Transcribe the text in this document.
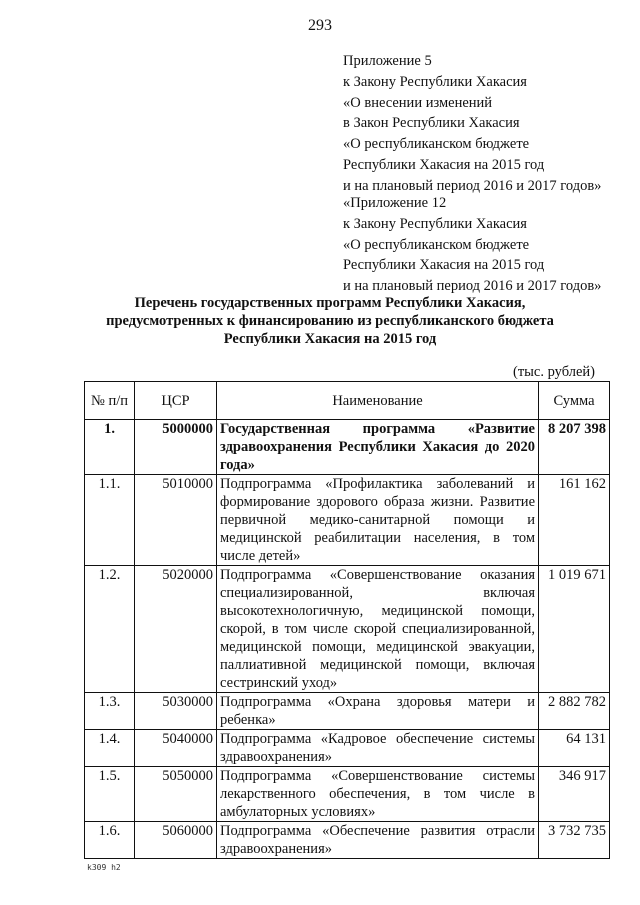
293
Приложение 5
к Закону Республики Хакасия
«О внесении изменений
в Закон Республики Хакасия
«О республиканском бюджете
Республики Хакасия на 2015 год
и на плановый период 2016 и 2017 годов»
«Приложение 12
к Закону Республики Хакасия
«О республиканском бюджете
Республики Хакасия на 2015 год
и на плановый период 2016 и 2017 годов»
Перечень государственных программ Республики Хакасия,
предусмотренных к финансированию из республиканского бюджета
Республики Хакасия на 2015 год
(тыс. рублей)
№ п/п	ЦСР	Наименование	Сумма
1.	5000000	Государственная программа «Развитие здравоохранения Республики Хакасия до 2020 года»	8 207 398
1.1.	5010000	Подпрограмма «Профилактика заболеваний и формирование здорового образа жизни. Развитие первичной медико-санитарной помощи и медицинской реабилитации населения, в том числе детей»	161 162
1.2.	5020000	Подпрограмма «Совершенствование оказания специализированной, включая высокотехнологичную, медицинской помощи, скорой, в том числе скорой специализированной, медицинской помощи, медицинской эвакуации, паллиативной медицинской помощи, включая сестринский уход»	1 019 671
1.3.	5030000	Подпрограмма «Охрана здоровья матери и ребенка»	2 882 782
1.4.	5040000	Подпрограмма «Кадровое обеспечение системы здравоохранения»	64 131
1.5.	5050000	Подпрограмма «Совершенствование системы лекарственного обеспечения, в том числе в амбулаторных условиях»	346 917
1.6.	5060000	Подпрограмма «Обеспечение развития отрасли здравоохранения»	3 732 735
k309 h2
